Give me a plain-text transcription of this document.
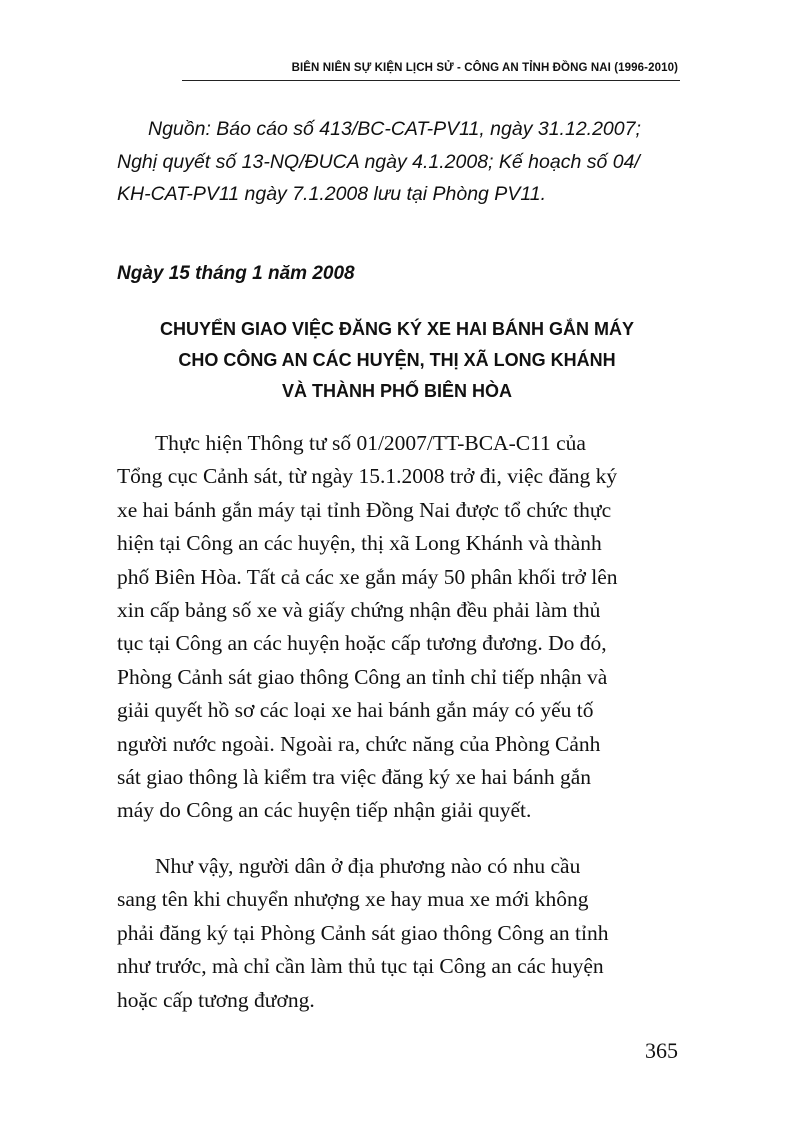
BIÊN NIÊN SỰ KIỆN LỊCH SỬ - CÔNG AN TỈNH ĐỒNG NAI (1996-2010)
Nguồn: Báo cáo số 413/BC-CAT-PV11, ngày 31.12.2007;
Nghị quyết số 13-NQ/ĐUCA ngày 4.1.2008; Kế hoạch số 04/
KH-CAT-PV11 ngày 7.1.2008 lưu tại Phòng PV11.
Ngày 15 tháng 1 năm 2008
CHUYỂN GIAO VIỆC ĐĂNG KÝ XE HAI BÁNH GẮN MÁY
CHO CÔNG AN CÁC HUYỆN, THỊ XÃ LONG KHÁNH
VÀ THÀNH PHỐ BIÊN HÒA
Thực hiện Thông tư số 01/2007/TT-BCA-C11 của
Tổng cục Cảnh sát, từ ngày 15.1.2008 trở đi, việc đăng ký
xe hai bánh gắn máy tại tỉnh Đồng Nai được tổ chức thực
hiện tại Công an các huyện, thị xã Long Khánh và thành
phố Biên Hòa. Tất cả các xe gắn máy 50 phân khối trở lên
xin cấp bảng số xe và giấy chứng nhận đều phải làm thủ
tục tại Công an các huyện hoặc cấp tương đương. Do đó,
Phòng Cảnh sát giao thông Công an tỉnh chỉ tiếp nhận và
giải quyết hồ sơ các loại xe hai bánh gắn máy có yếu tố
người nước ngoài. Ngoài ra, chức năng của Phòng Cảnh
sát giao thông là kiểm tra việc đăng ký xe hai bánh gắn
máy do Công an các huyện tiếp nhận giải quyết.
Như vậy, người dân ở địa phương nào có nhu cầu
sang tên khi chuyển nhượng xe hay mua xe mới không
phải đăng ký tại Phòng Cảnh sát giao thông Công an tỉnh
như trước, mà chỉ cần làm thủ tục tại Công an các huyện
hoặc cấp tương đương.
365
